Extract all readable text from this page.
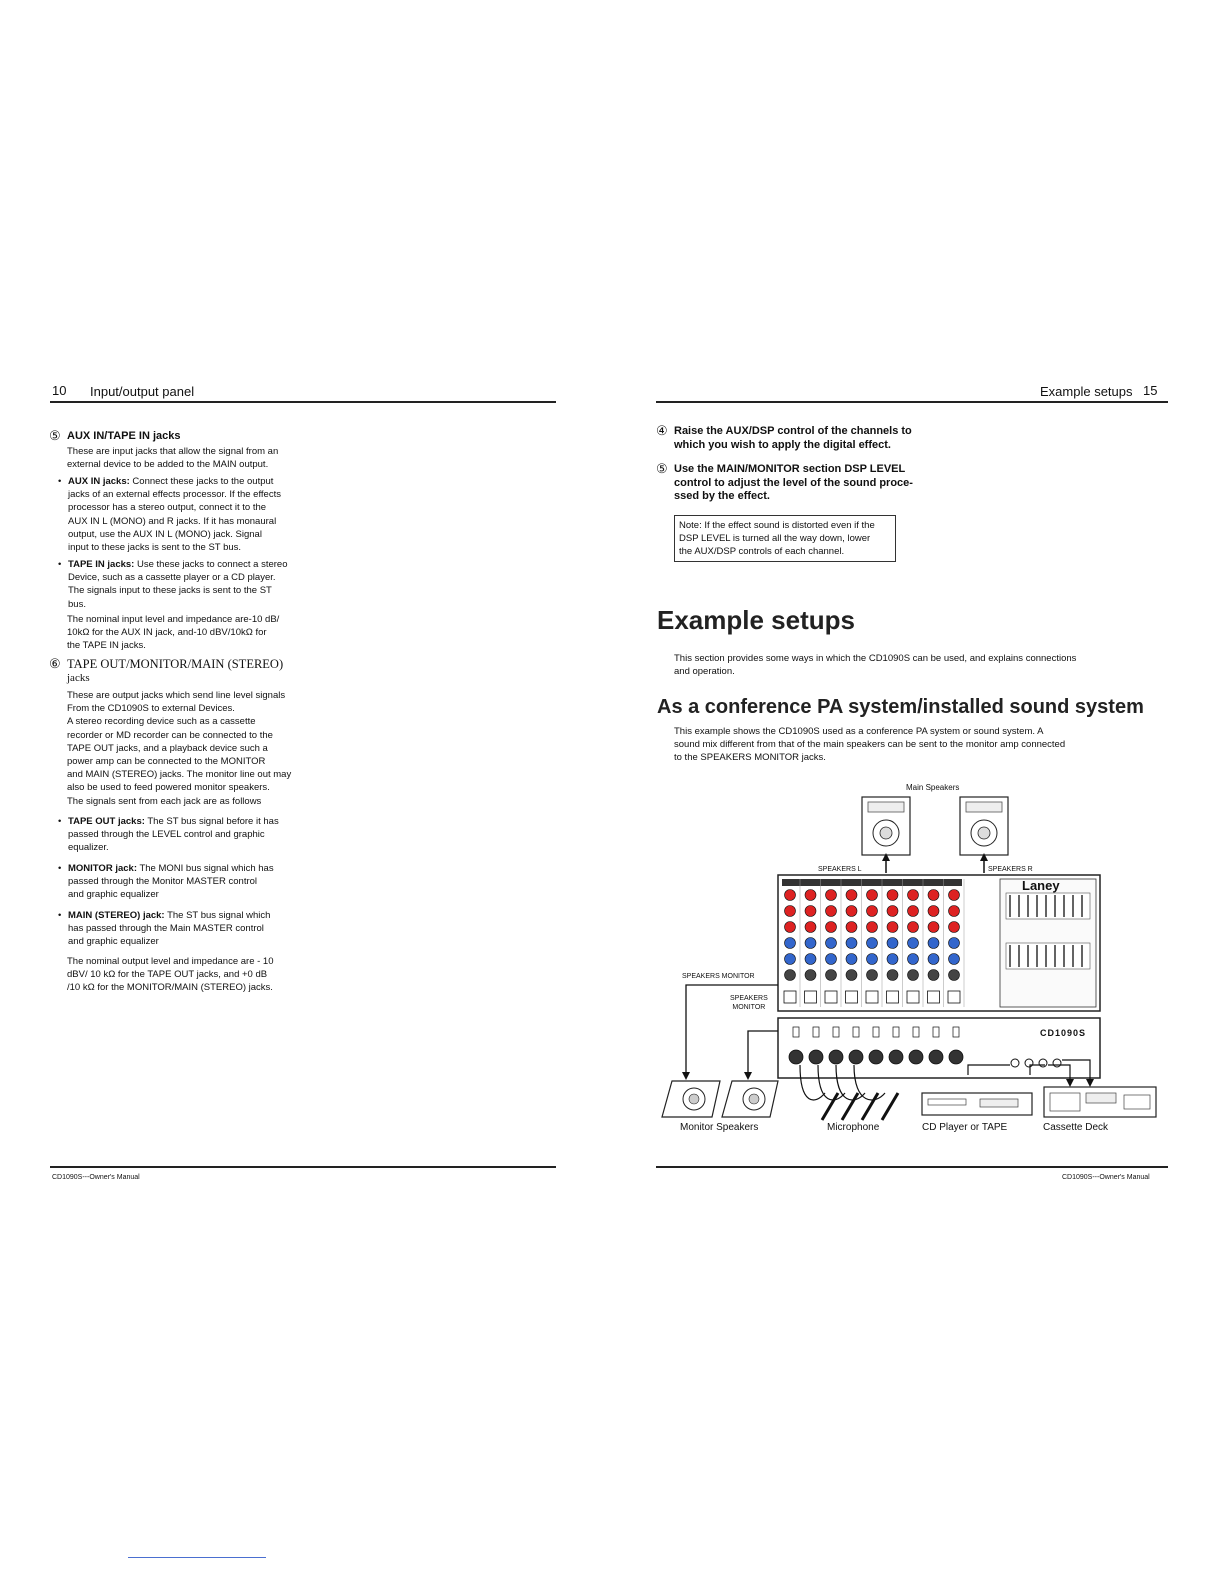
10 Input/output panel
⑤ AUX IN/TAPE IN jacks
These are input jacks that allow the signal from an
external device to be added to the MAIN output.
• AUX IN jacks: Connect these jacks to the output
jacks of an external effects processor. If the effects
processor has a stereo output, connect it to the
AUX IN L (MONO) and R jacks. If it has monaural
output, use the AUX IN L (MONO) jack. Signal
input to these jacks is sent to the ST bus.
• TAPE IN jacks: Use these jacks to connect a stereo
Device, such as a cassette player or a CD player.
The signals input to these jacks is sent to the ST
bus.
The nominal input level and impedance are-10 dB/
10kΩ for the AUX IN jack, and-10 dBV/10kΩ for
the TAPE IN jacks.
⑥ TAPE OUT/MONITOR/MAIN (STEREO)
jacks
These are output jacks which send line level signals
From the CD1090S to external Devices.
A stereo recording device such as a cassette
recorder or MD recorder can be connected to the
TAPE OUT jacks, and a playback device such a
power amp can be connected to the MONITOR
and MAIN (STEREO) jacks. The monitor line out may
also be used to feed powered monitor speakers.
The signals sent from each jack are as follows
• TAPE OUT jacks: The ST bus signal before it has
passed through the LEVEL control and graphic
equalizer.
• MONITOR jack: The MONI bus signal which has
passed through the Monitor MASTER control
and graphic equalizer
• MAIN (STEREO) jack: The ST bus signal which
has passed through the Main MASTER control
and graphic equalizer
The nominal output level and impedance are - 10
dBV/ 10 kΩ for the TAPE OUT jacks, and +0 dB
/10 kΩ for the MONITOR/MAIN (STEREO) jacks.
CD1090S---Owner's Manual
Example setups 15
④ Raise the AUX/DSP control of the channels to
which you wish to apply the digital effect.
⑤ Use the MAIN/MONITOR section DSP LEVEL
control to adjust the level of the sound proce-
ssed by the effect.
Note: If the effect sound is distorted even if the
DSP LEVEL is turned all the way down, lower
the AUX/DSP controls of each channel.
Example setups
This section provides some ways in which the CD1090S can be used, and explains connections
and operation.
As a conference PA system/installed sound system
This example shows the CD1090S used as a conference PA system or sound system. A
sound mix different from that of the main speakers can be sent to the monitor amp connected
to the SPEAKERS MONITOR jacks.
Main Speakers
SPEAKERS L	SPEAKERS R
SPEAKERS MONITOR
SPEAKERS
MONITOR
Laney
CD1090S
Monitor Speakers	Microphone	CD Player or TAPE	Cassette Deck
CD1090S---Owner's Manual
